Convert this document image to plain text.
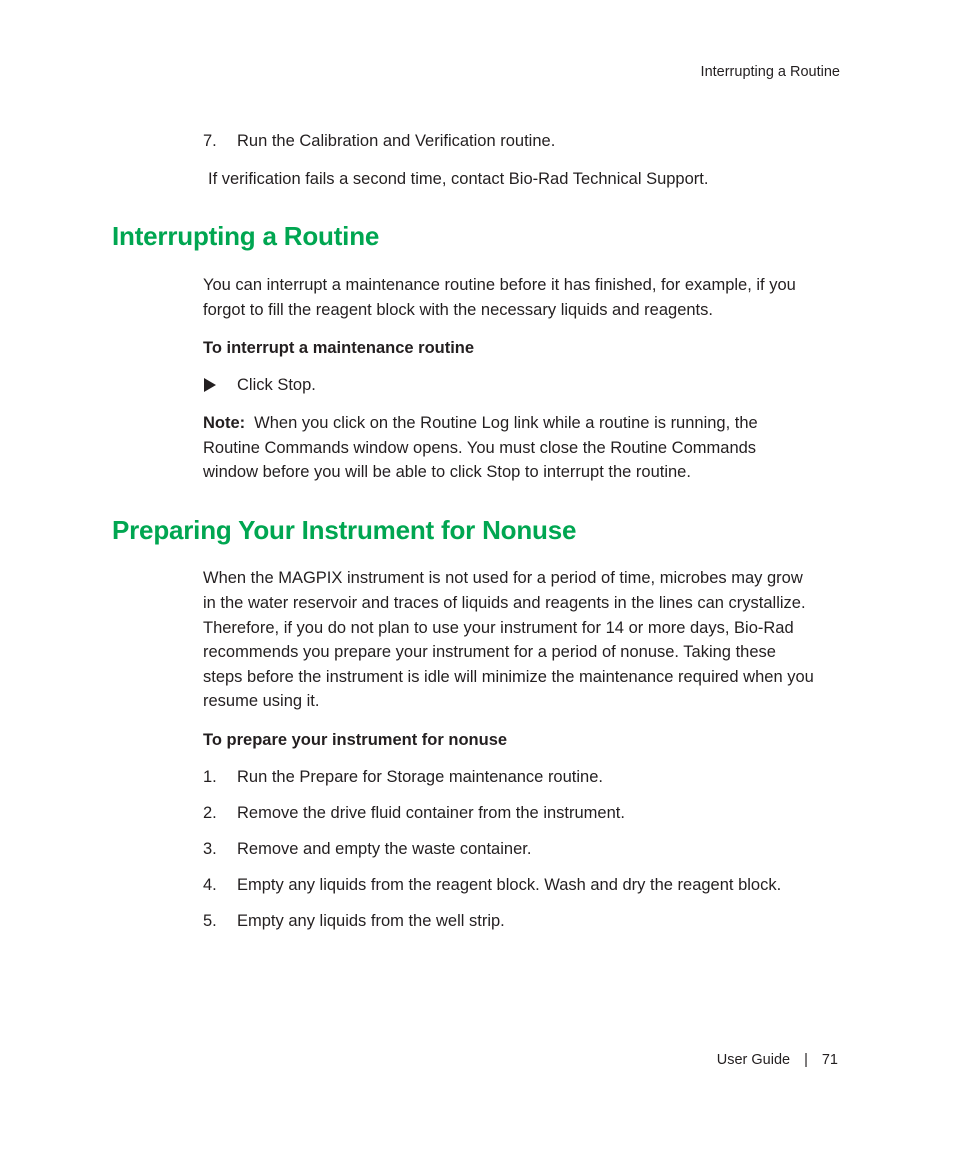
Interrupting a Routine
7.	Run the Calibration and Verification routine.
If verification fails a second time, contact Bio-Rad Technical Support.
Interrupting a Routine
You can interrupt a maintenance routine before it has finished, for example, if you
forgot to fill the reagent block with the necessary liquids and reagents.
To interrupt a maintenance routine
Click Stop.
Note: When you click on the Routine Log link while a routine is running, the
Routine Commands window opens. You must close the Routine Commands
window before you will be able to click Stop to interrupt the routine.
Preparing Your Instrument for Nonuse
When the MAGPIX instrument is not used for a period of time, microbes may grow
in the water reservoir and traces of liquids and reagents in the lines can crystallize.
Therefore, if you do not plan to use your instrument for 14 or more days, Bio-Rad
recommends you prepare your instrument for a period of nonuse. Taking these
steps before the instrument is idle will minimize the maintenance required when you
resume using it.
To prepare your instrument for nonuse
1.	Run the Prepare for Storage maintenance routine.
2.	Remove the drive fluid container from the instrument.
3.	Remove and empty the waste container.
4.	Empty any liquids from the reagent block. Wash and dry the reagent block.
5.	Empty any liquids from the well strip.
User Guide | 71
